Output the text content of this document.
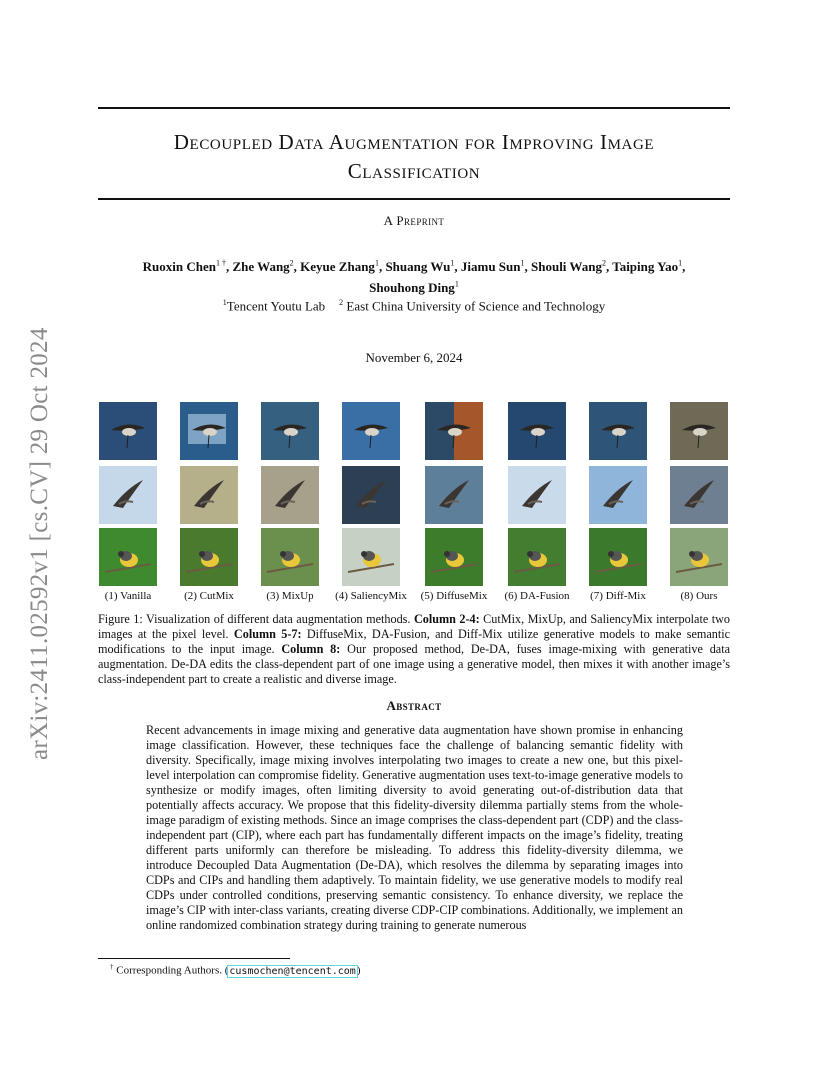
arXiv:2411.02592v1 [cs.CV] 29 Oct 2024
Decoupled Data Augmentation for Improving Image
Classification
A Preprint
Ruoxin Chen$^{1 \dagger}$, Zhe Wang$^2$, Keyue Zhang$^1$, Shuang Wu$^1$, Jiamu Sun$^1$, Shouli Wang$^2$, Taiping Yao$^1$,
Shouhong Ding$^1$
$^1$Tencent Youtu Lab $^2$ East China University of Science and Technology
November 6, 2024
(1) Vanilla	(2) CutMix	(3) MixUp	(4) SaliencyMix	(5) DiffuseMix	(6) DA-Fusion	(7) Diff-Mix	(8) Ours

Figure 1: Visualization of different data augmentation methods. Column 2-4: CutMix, MixUp, and SaliencyMix interpolate two images at the pixel level. Column 5-7: DiffuseMix, DA-Fusion, and Diff-Mix utilize generative models to make semantic modifications to the input image. Column 8: Our proposed method, De-DA, fuses image-mixing with generative data augmentation. De-DA edits the class-dependent part of one image using a generative model, then mixes it with another image’s class-independent part to create a realistic and diverse image.

Abstract

Recent advancements in image mixing and generative data augmentation have shown promise in enhancing image classification. However, these techniques face the challenge of balancing semantic fidelity with diversity. Specifically, image mixing involves interpolating two images to create a new one, but this pixel-level interpolation can compromise fidelity. Generative augmentation uses text-to-image generative models to synthesize or modify images, often limiting diversity to avoid generating out-of-distribution data that potentially affects accuracy. We propose that this fidelity-diversity dilemma partially stems from the whole-image paradigm of existing methods. Since an image comprises the class-dependent part (CDP) and the class-independent part (CIP), where each part has fundamentally different impacts on the image’s fidelity, treating different parts uniformly can therefore be misleading. To address this fidelity-diversity dilemma, we introduce Decoupled Data Augmentation (De-DA), which resolves the dilemma by separating images into CDPs and CIPs and handling them adaptively. To maintain fidelity, we use generative models to modify real CDPs under controlled conditions, preserving semantic consistency. To enhance diversity, we replace the image’s CIP with inter-class variants, creating diverse CDP-CIP combinations. Additionally, we implement an online randomized combination strategy during training to generate numerous

† Corresponding Authors. (cusmochen@tencent.com)
